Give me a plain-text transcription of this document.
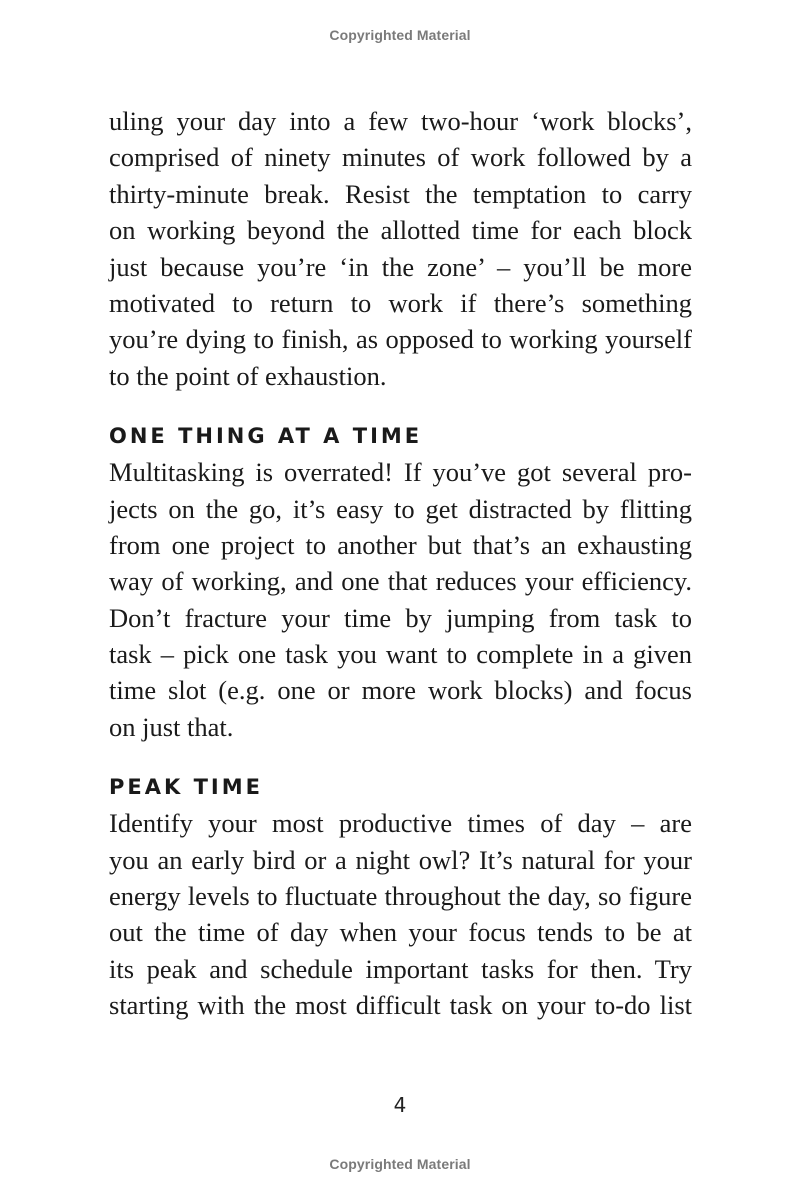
Copyrighted Material
uling your day into a few two-hour ‘work blocks’,
comprised of ninety minutes of work followed by a
thirty-minute break. Resist the temptation to carry
on working beyond the allotted time for each block
just because you’re ‘in the zone’ – you’ll be more
motivated to return to work if there’s something
you’re dying to finish, as opposed to working yourself
to the point of exhaustion.
ONE THING AT A TIME
Multitasking is overrated! If you’ve got several pro-
jects on the go, it’s easy to get distracted by flitting
from one project to another but that’s an exhausting
way of working, and one that reduces your efficiency.
Don’t fracture your time by jumping from task to
task – pick one task you want to complete in a given
time slot (e.g. one or more work blocks) and focus
on just that.
PEAK TIME
Identify your most productive times of day – are
you an early bird or a night owl? It’s natural for your
energy levels to fluctuate throughout the day, so figure
out the time of day when your focus tends to be at
its peak and schedule important tasks for then. Try
starting with the most difficult task on your to-do list
4
Copyrighted Material
